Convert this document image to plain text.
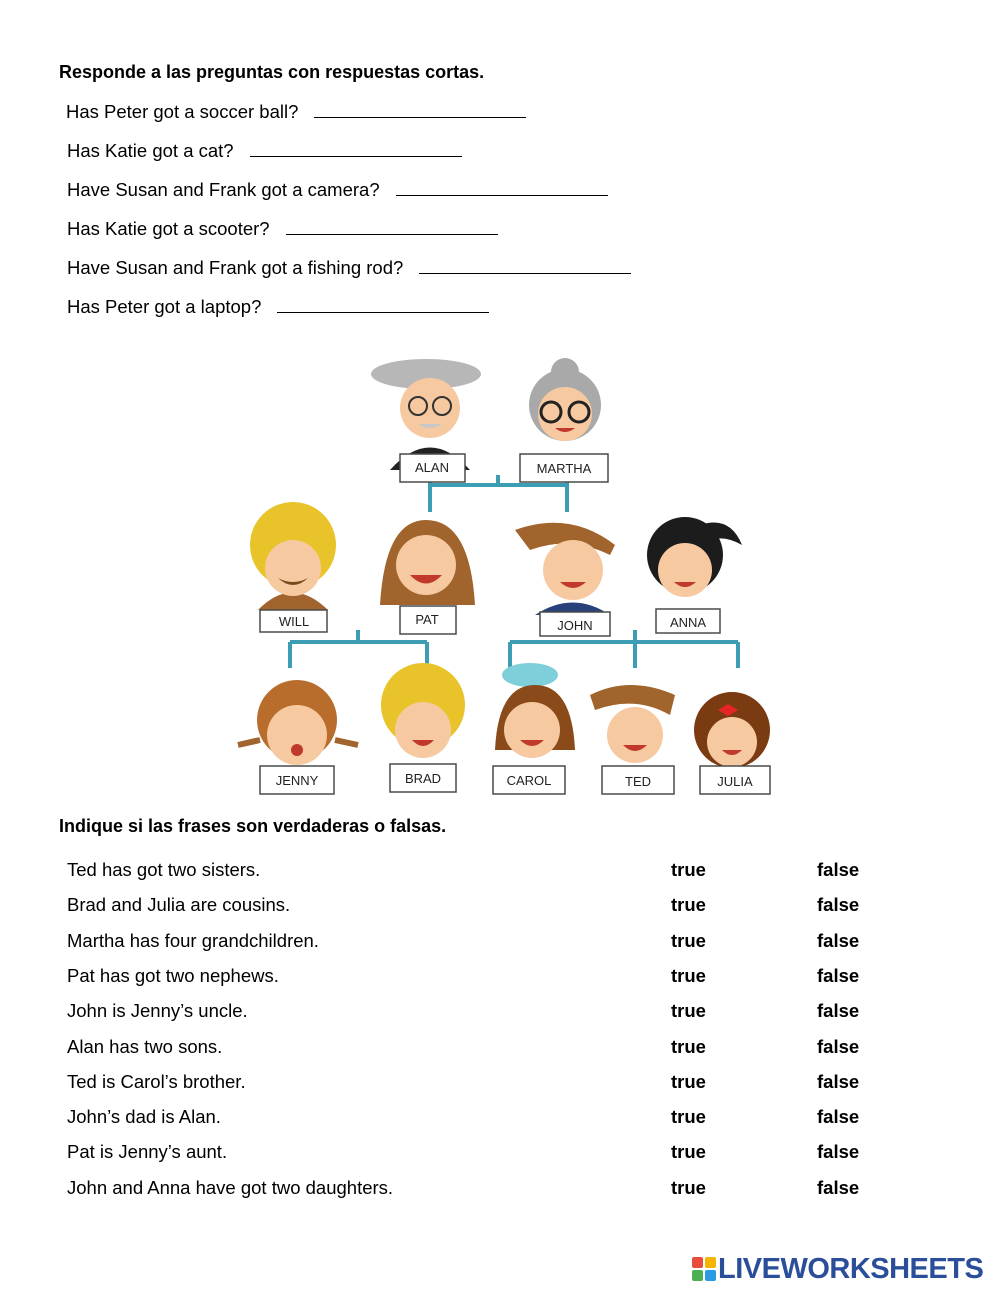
Responde a las preguntas con respuestas cortas.
Has Peter got a soccer ball?
Has Katie got a cat?
Have Susan and Frank got a camera?
Has Katie got a scooter?
Have Susan and Frank got a fishing rod?
Has Peter got a laptop?
ALAN	MARTHA
WILL	PAT	JOHN	ANNA
JENNY	BRAD	CAROL	TED	JULIA
Indique si las frases son verdaderas o falsas.
Ted has got two sisters.	true	false
Brad and Julia are cousins.	true	false
Martha has four grandchildren.	true	false
Pat has got two nephews.	true	false
John is Jenny’s uncle.	true	false
Alan has two sons.	true	false
Ted is Carol’s brother.	true	false
John’s dad is Alan.	true	false
Pat is Jenny’s aunt.	true	false
John and Anna have got two daughters.	true	false
LIVEWORKSHEETS
